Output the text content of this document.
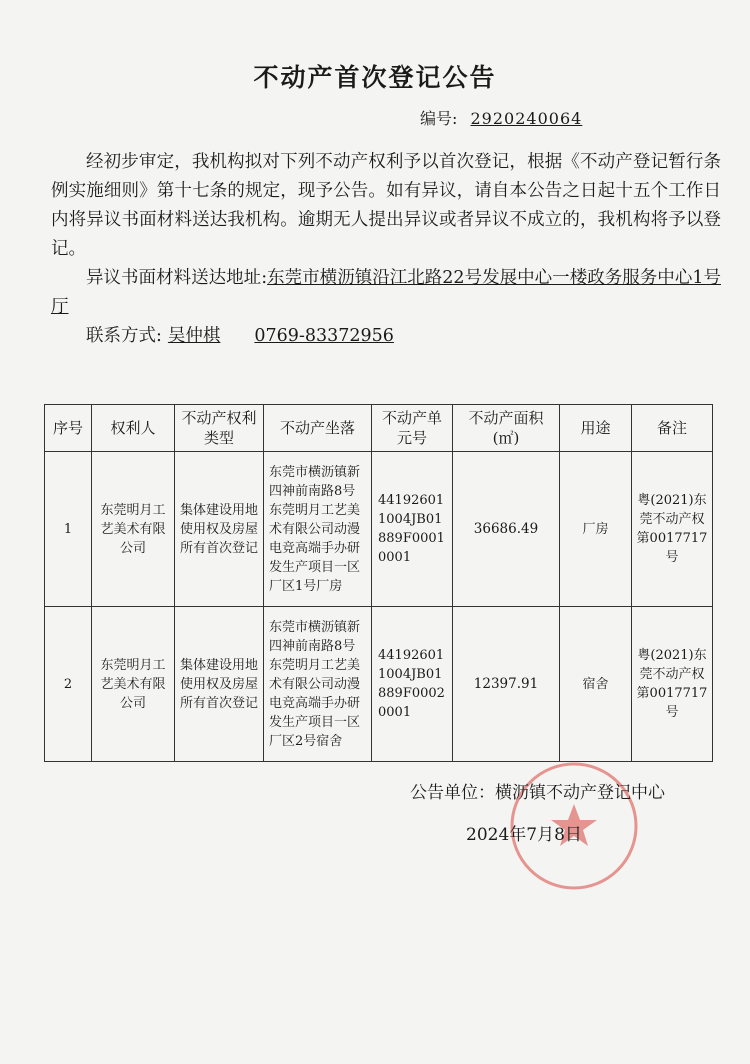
不动产首次登记公告
编号: 2920240064

经初步审定，我机构拟对下列不动产权利予以首次登记，根据《不动产登记暂行条例实施细则》第十七条的规定，现予公告。如有异议，请自本公告之日起十五个工作日内将异议书面材料送达我机构。逾期无人提出异议或者异议不成立的，我机构将予以登记。

异议书面材料送达地址:东莞市横沥镇沿江北路22号发展中心一楼政务服务中心1号厅

联系方式: 吴仲棋 0769-83372956

序号	权利人	不动产权利类型	不动产坐落	不动产单元号	不动产面积(㎡)	用途	备注
1	东莞明月工艺美术有限公司	集体建设用地使用权及房屋所有首次登记	东莞市横沥镇新四神前南路8号东莞明月工艺美术有限公司动漫电竞高端手办研发生产项目一区厂区1号厂房	441926011004JB01889F00010001	36686.49	厂房	粤(2021)东莞不动产权第0017717号
2	东莞明月工艺美术有限公司	集体建设用地使用权及房屋所有首次登记	东莞市横沥镇新四神前南路8号东莞明月工艺美术有限公司动漫电竞高端手办研发生产项目一区厂区2号宿舍	441926011004JB01889F00020001	12397.91	宿舍	粤(2021)东莞不动产权第0017717号
公告单位：横沥镇不动产登记中心
2024年7月8日
